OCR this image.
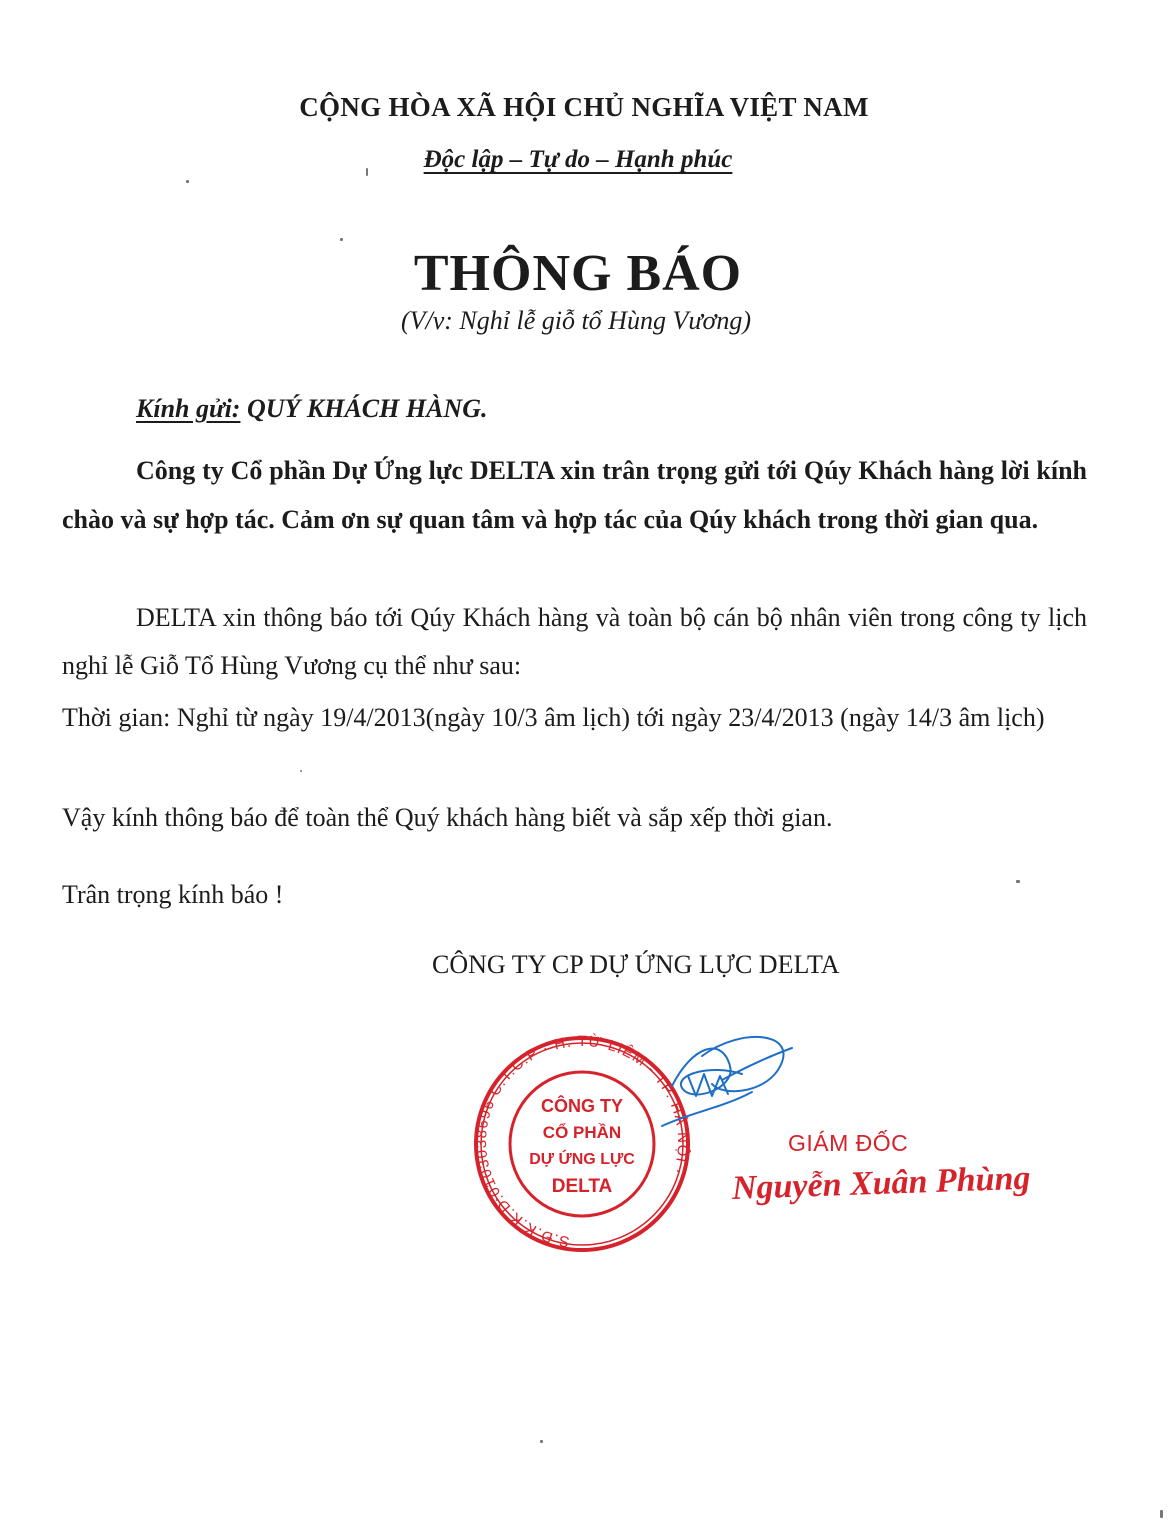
CỘNG HÒA XÃ HỘI CHỦ NGHĨA VIỆT NAM
Độc lập – Tự do – Hạnh phúc
THÔNG BÁO
(V/v: Nghỉ lễ giỗ tổ Hùng Vương)
Kính gửi: QUÝ KHÁCH HÀNG.
Công ty Cổ phần Dự Ứng lực DELTA xin trân trọng gửi tới Qúy Khách hàng lời kính chào và sự hợp tác. Cảm ơn sự quan tâm và hợp tác của Qúy khách trong thời gian qua.
DELTA xin thông báo tới Qúy Khách hàng và toàn bộ cán bộ nhân viên trong công ty lịch nghỉ lễ Giỗ Tổ Hùng Vương cụ thể như sau:
Thời gian: Nghỉ từ ngày 19/4/2013(ngày 10/3 âm lịch) tới ngày 23/4/2013 (ngày 14/3 âm lịch)
Vậy kính thông báo để toàn thể Quý khách hàng biết và sắp xếp thời gian.
Trân trọng kính báo !
CÔNG TY CP DỰ ỨNG LỰC DELTA
S.Đ.K.K.D:0103038696 C.T.C.P · H. TỪ LIÊM - TP. HÀ NỘI ·
CÔNG TY
CỔ PHẦN
DỰ ỨNG LỰC
DELTA
GIÁM ĐỐC
Nguyễn Xuân Phùng
